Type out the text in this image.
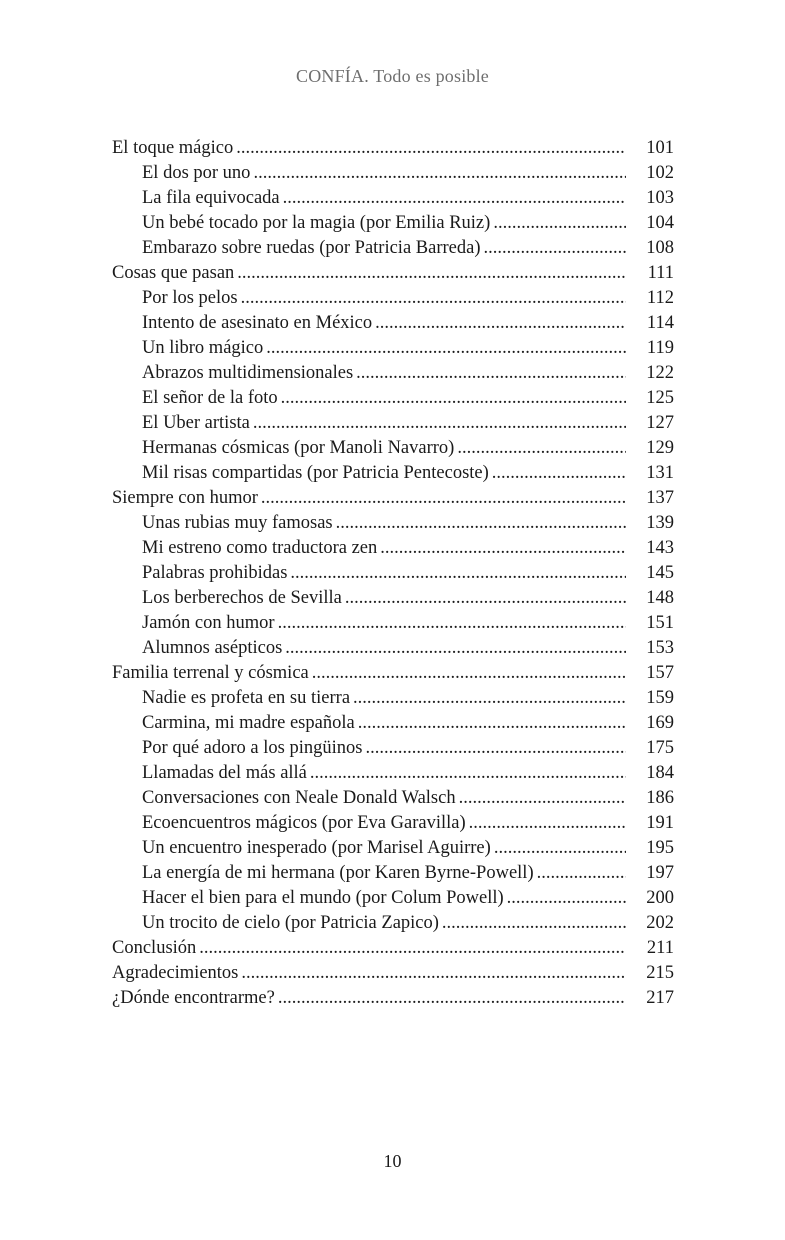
CONFÍA. Todo es posible
El toque mágico .....	101
El dos por uno .....	102
La fila equivocada .....	103
Un bebé tocado por la magia (por Emilia Ruiz) .....	104
Embarazo sobre ruedas (por Patricia Barreda) .....	108
Cosas que pasan .....	111
Por los pelos .....	112
Intento de asesinato en México .....	114
Un libro mágico .....	119
Abrazos multidimensionales .....	122
El señor de la foto .....	125
El Uber artista .....	127
Hermanas cósmicas (por Manoli Navarro) .....	129
Mil risas compartidas (por Patricia Pentecoste) .....	131
Siempre con humor .....	137
Unas rubias muy famosas .....	139
Mi estreno como traductora zen .....	143
Palabras prohibidas .....	145
Los berberechos de Sevilla .....	148
Jamón con humor .....	151
Alumnos asépticos .....	153
Familia terrenal y cósmica .....	157
Nadie es profeta en su tierra .....	159
Carmina, mi madre española .....	169
Por qué adoro a los pingüinos .....	175
Llamadas del más allá .....	184
Conversaciones con Neale Donald Walsch .....	186
Ecoencuentros mágicos (por Eva Garavilla) .....	191
Un encuentro inesperado (por Marisel Aguirre) .....	195
La energía de mi hermana (por Karen Byrne-Powell) .....	197
Hacer el bien para el mundo (por Colum Powell) .....	200
Un trocito de cielo (por Patricia Zapico) .....	202
Conclusión .....	211
Agradecimientos .....	215
¿Dónde encontrarme? .....	217
10
